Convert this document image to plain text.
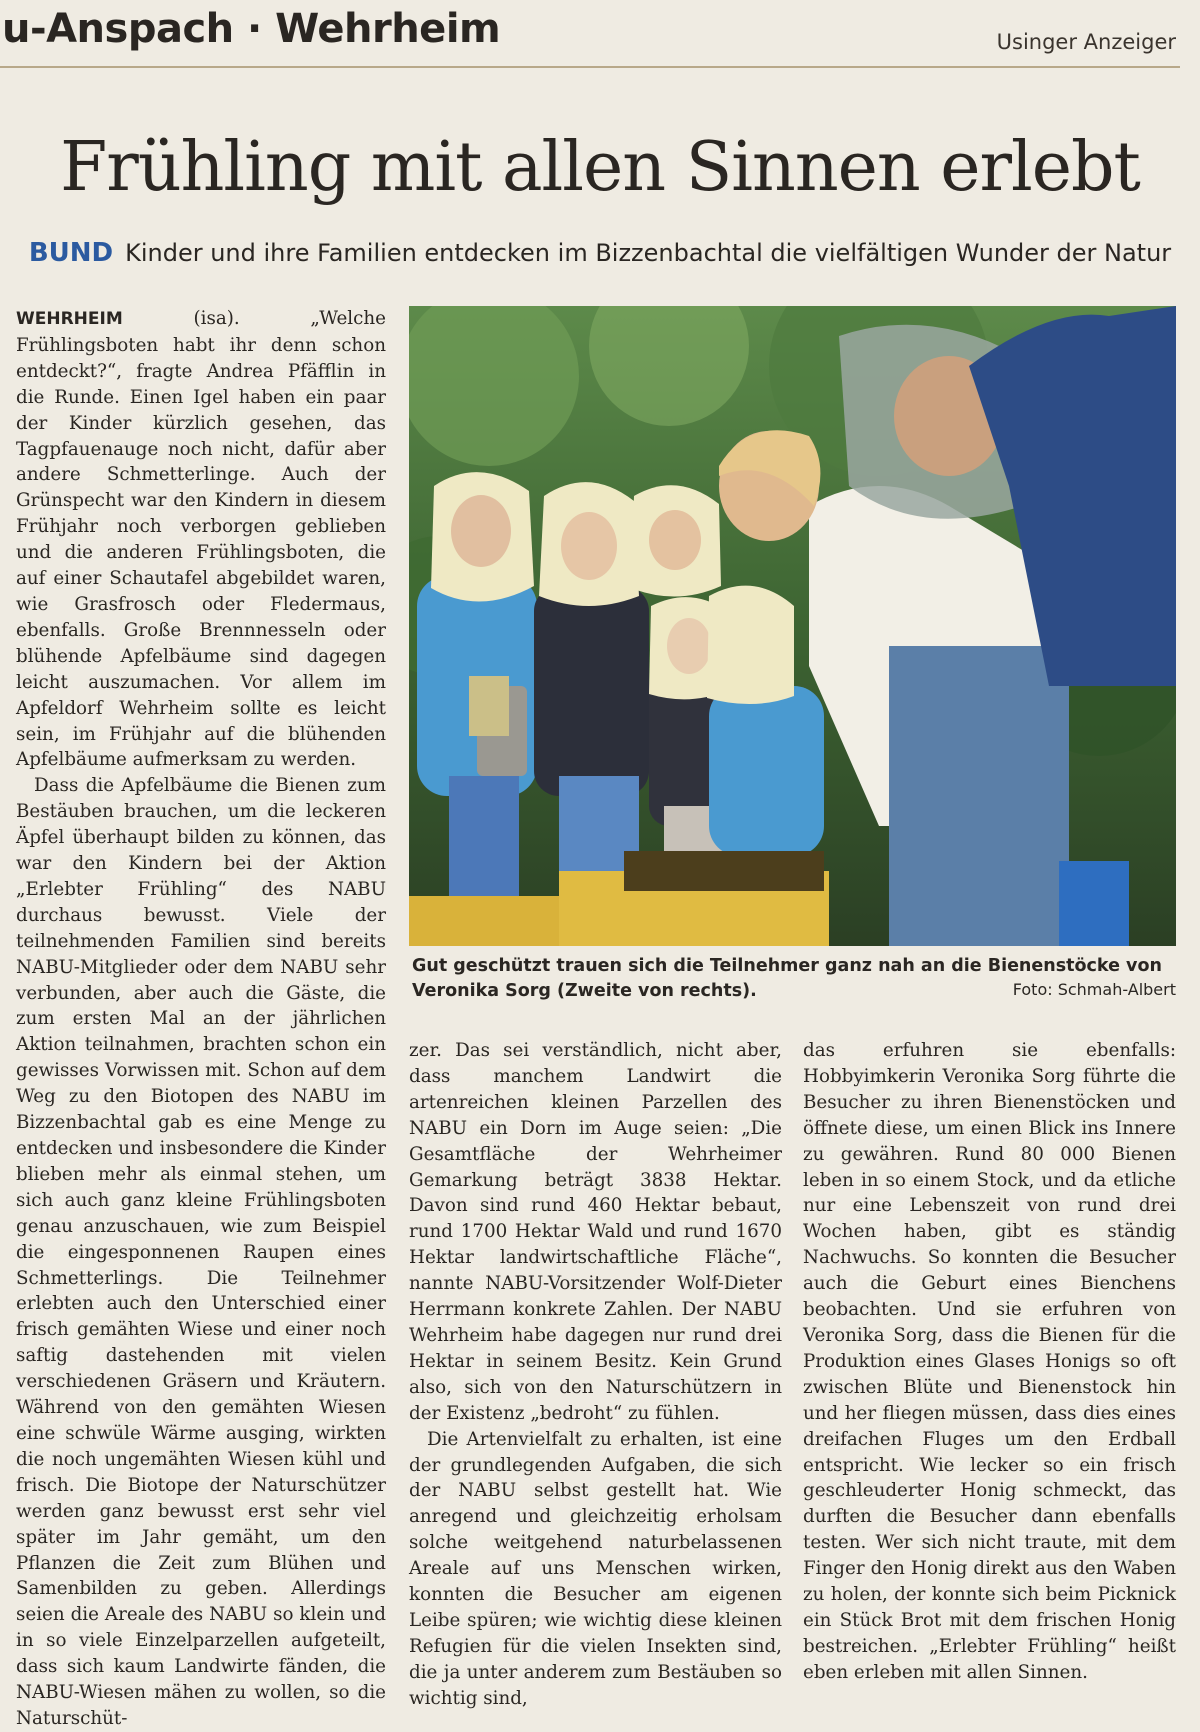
u-Anspach · Wehrheim	Usinger Anzeiger
Frühling mit allen Sinnen erlebt
BUND Kinder und ihre Familien entdecken im Bizzenbachtal die vielfältigen Wunder der Natur

WEHRHEIM	(isa). „Welche Frühlingsboten habt ihr denn schon entdeckt?“, fragte Andrea Pfäfflin in die Runde. Einen Igel haben ein paar der Kinder kürzlich gesehen, das Tagpfauenauge noch nicht, dafür aber andere Schmetterlinge. Auch der Grünspecht war den Kindern in diesem Frühjahr noch verborgen geblieben und die anderen Frühlingsboten, die auf einer Schautafel abgebildet waren, wie Grasfrosch oder Fledermaus, ebenfalls. Große Brennnesseln oder blühende Apfelbäume sind dagegen leicht auszumachen. Vor allem im Apfeldorf Wehrheim sollte es leicht sein, im Frühjahr auf die blühenden Apfelbäume aufmerksam zu werden.

Dass die Apfelbäume die Bienen zum Bestäuben brauchen, um die leckeren Äpfel überhaupt bilden zu können, das war den Kindern bei der Aktion „Erlebter Frühling“ des NABU durchaus bewusst. Viele der teilnehmenden Familien sind bereits NABU-Mitglieder oder dem NABU sehr verbunden, aber auch die Gäste, die zum ersten Mal an der jährlichen Aktion teilnahmen, brachten schon ein gewisses Vorwissen mit. Schon auf dem Weg zu den Biotopen des NABU im Bizzenbachtal gab es eine Menge zu entdecken und insbesondere die Kinder blieben mehr als einmal stehen, um sich auch ganz kleine Frühlingsboten genau anzuschauen, wie zum Beispiel die eingesponnenen Raupen eines Schmetterlings. Die Teilnehmer erlebten auch den Unterschied einer frisch gemähten Wiese und einer noch saftig dastehenden mit vielen verschiedenen Gräsern und Kräutern. Während von den gemähten Wiesen eine schwüle Wärme ausging, wirkten die noch ungemähten Wiesen kühl und frisch. Die Biotope der Naturschützer werden ganz bewusst erst sehr viel später im Jahr gemäht, um den Pflanzen die Zeit zum Blühen und Samenbilden zu geben. Allerdings seien die Areale des NABU so klein und in so viele Einzelparzellen aufgeteilt, dass sich kaum Landwirte fänden, die NABU-Wiesen mähen zu wollen, so die Naturschüt-

Gut geschützt trauen sich die Teilnehmer ganz nah an die Bienenstöcke von Veronika Sorg (Zweite von rechts).	Foto: Schmah-Albert

zer. Das sei verständlich, nicht aber, dass manchem Landwirt die artenreichen kleinen Parzellen des NABU ein Dorn im Auge seien: „Die Gesamtfläche der Wehrheimer Gemarkung beträgt 3838 Hektar. Davon sind rund 460 Hektar bebaut, rund 1700 Hektar Wald und rund 1670 Hektar landwirtschaftliche Fläche“, nannte NABU-Vorsitzender Wolf-Dieter Herrmann konkrete Zahlen. Der NABU Wehrheim habe dagegen nur rund drei Hektar in seinem Besitz. Kein Grund also, sich von den Naturschützern in der Existenz „bedroht“ zu fühlen.

Die Artenvielfalt zu erhalten, ist eine der grundlegenden Aufgaben, die sich der NABU selbst gestellt hat. Wie anregend und gleichzeitig erholsam solche weitgehend naturbelassenen Areale auf uns Menschen wirken, konnten die Besucher am eigenen Leibe spüren; wie wichtig diese kleinen Refugien für die vielen Insekten sind, die ja unter anderem zum Bestäuben so wichtig sind,

das erfuhren sie ebenfalls: Hobbyimkerin Veronika Sorg führte die Besucher zu ihren Bienenstöcken und öffnete diese, um einen Blick ins Innere zu gewähren. Rund 80 000 Bienen leben in so einem Stock, und da etliche nur eine Lebenszeit von rund drei Wochen haben, gibt es ständig Nachwuchs. So konnten die Besucher auch die Geburt eines Bienchens beobachten. Und sie erfuhren von Veronika Sorg, dass die Bienen für die Produktion eines Glases Honigs so oft zwischen Blüte und Bienenstock hin und her fliegen müssen, dass dies eines dreifachen Fluges um den Erdball entspricht. Wie lecker so ein frisch geschleuderter Honig schmeckt, das durften die Besucher dann ebenfalls testen. Wer sich nicht traute, mit dem Finger den Honig direkt aus den Waben zu holen, der konnte sich beim Picknick ein Stück Brot mit dem frischen Honig bestreichen. „Erlebter Frühling“ heißt eben erleben mit allen Sinnen.
